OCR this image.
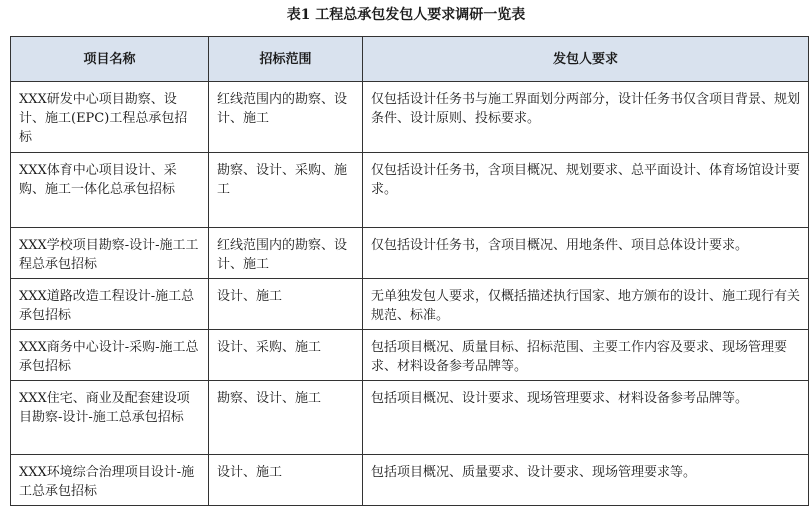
表1 工程总承包发包人要求调研一览表
项目名称	招标范围	发包人要求
XXX研发中心项目勘察、设计、施工(EPC)工程总承包招标	红线范围内的勘察、设计、施工	仅包括设计任务书与施工界面划分两部分，设计任务书仅含项目背景、规划条件、设计原则、投标要求。
XXX体育中心项目设计、采购、施工一体化总承包招标	勘察、设计、采购、施工	仅包括设计任务书，含项目概况、规划要求、总平面设计、体育场馆设计要求。
XXX学校项目勘察-设计-施工工程总承包招标	红线范围内的勘察、设计、施工	仅包括设计任务书，含项目概况、用地条件、项目总体设计要求。
XXX道路改造工程设计-施工总承包招标	设计、施工	无单独发包人要求，仅概括描述执行国家、地方颁布的设计、施工现行有关规范、标准。
XXX商务中心设计-采购-施工总承包招标	设计、采购、施工	包括项目概况、质量目标、招标范围、主要工作内容及要求、现场管理要求、材料设备参考品牌等。
XXX住宅、商业及配套建设项目勘察-设计-施工总承包招标	勘察、设计、施工	包括项目概况、设计要求、现场管理要求、材料设备参考品牌等。
XXX环境综合治理项目设计-施工总承包招标	设计、施工	包括项目概况、质量要求、设计要求、现场管理要求等。
